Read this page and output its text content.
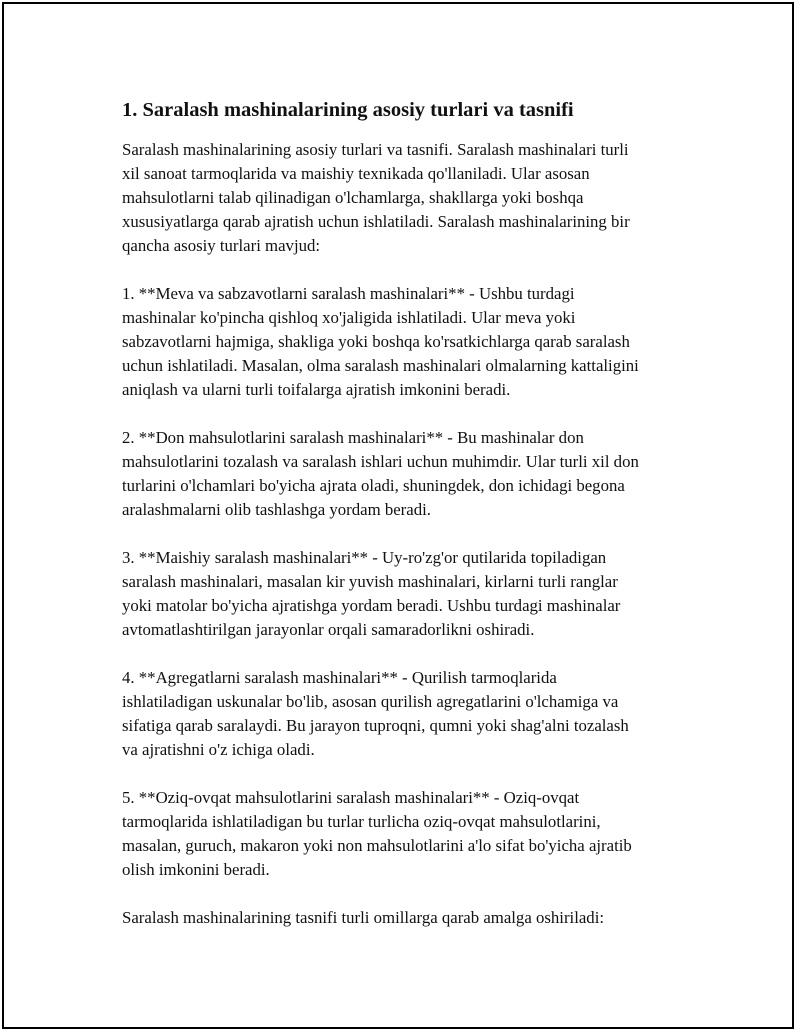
1. Saralash mashinalarining asosiy turlari va tasnifi

Saralash mashinalarining asosiy turlari va tasnifi. Saralash mashinalari turli
xil sanoat tarmoqlarida va maishiy texnikada qo'llaniladi. Ular asosan
mahsulotlarni talab qilinadigan o'lchamlarga, shakllarga yoki boshqa
xususiyatlarga qarab ajratish uchun ishlatiladi. Saralash mashinalarining bir
qancha asosiy turlari mavjud:

1. **Meva va sabzavotlarni saralash mashinalari** - Ushbu turdagi
mashinalar ko'pincha qishloq xo'jaligida ishlatiladi. Ular meva yoki
sabzavotlarni hajmiga, shakliga yoki boshqa ko'rsatkichlarga qarab saralash
uchun ishlatiladi. Masalan, olma saralash mashinalari olmalarning kattaligini
aniqlash va ularni turli toifalarga ajratish imkonini beradi.

2. **Don mahsulotlarini saralash mashinalari** - Bu mashinalar don
mahsulotlarini tozalash va saralash ishlari uchun muhimdir. Ular turli xil don
turlarini o'lchamlari bo'yicha ajrata oladi, shuningdek, don ichidagi begona
aralashmalarni olib tashlashga yordam beradi.

3. **Maishiy saralash mashinalari** - Uy-ro'zg'or qutilarida topiladigan
saralash mashinalari, masalan kir yuvish mashinalari, kirlarni turli ranglar
yoki matolar bo'yicha ajratishga yordam beradi. Ushbu turdagi mashinalar
avtomatlashtirilgan jarayonlar orqali samaradorlikni oshiradi.

4. **Agregatlarni saralash mashinalari** - Qurilish tarmoqlarida
ishlatiladigan uskunalar bo'lib, asosan qurilish agregatlarini o'lchamiga va
sifatiga qarab saralaydi. Bu jarayon tuproqni, qumni yoki shag'alni tozalash
va ajratishni o'z ichiga oladi.

5. **Oziq-ovqat mahsulotlarini saralash mashinalari** - Oziq-ovqat
tarmoqlarida ishlatiladigan bu turlar turlicha oziq-ovqat mahsulotlarini,
masalan, guruch, makaron yoki non mahsulotlarini a'lo sifat bo'yicha ajratib
olish imkonini beradi.

Saralash mashinalarining tasnifi turli omillarga qarab amalga oshiriladi:
